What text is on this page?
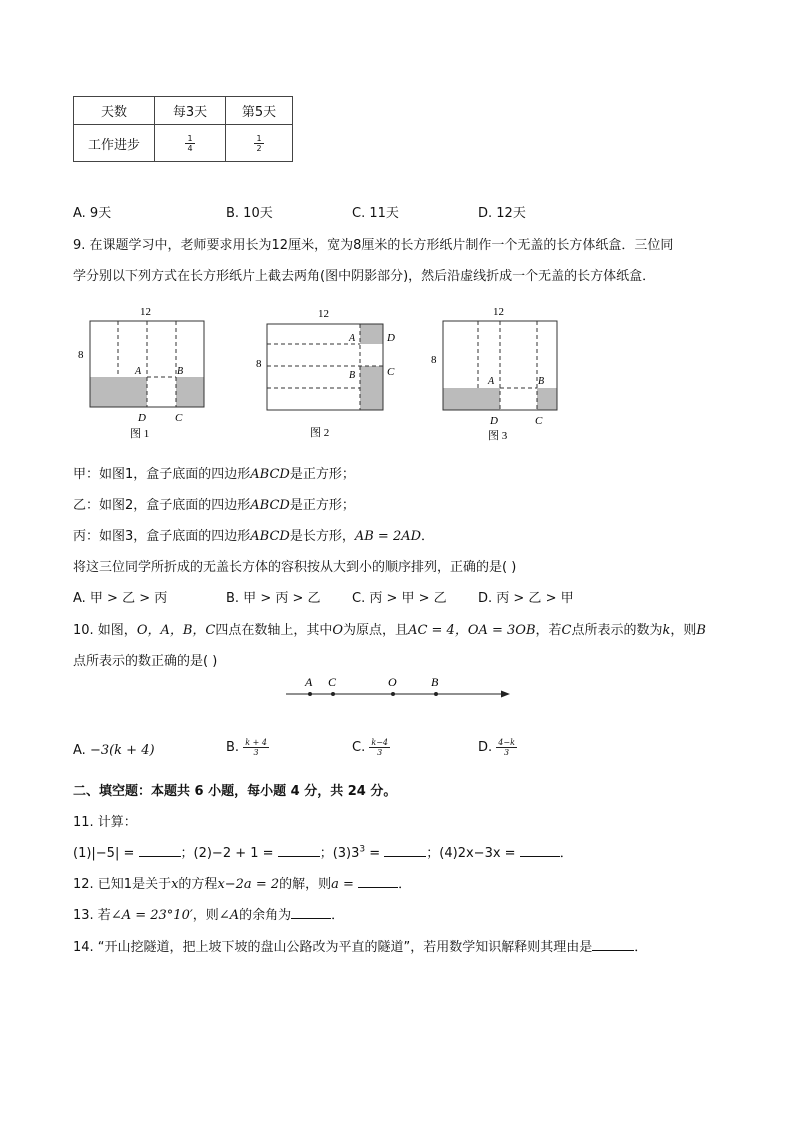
天数	每3天	第5天
工作进步	$\frac{1}{4}$	$\frac{1}{2}$
A. 9天	B. 10天	C. 11天	D. 12天
9. 在课题学习中，老师要求用长为12厘米，宽为8厘米的长方形纸片制作一个无盖的长方体纸盒．三位同
学分别以下列方式在长方形纸片上截去两角(图中阴影部分)，然后沿虚线折成一个无盖的长方体纸盒．
12
8
A	B
D	C
图 1
12
8
A	D
B	C
图 2
12
8
A	B
D	C
图 3
甲：如图1，盒子底面的四边形ABCD是正方形；
乙：如图2，盒子底面的四边形ABCD是正方形；
丙：如图3，盒子底面的四边形ABCD是长方形，AB = 2AD．
将这三位同学所折成的无盖长方体的容积按从大到小的顺序排列，正确的是( )
A. 甲 > 乙 > 丙	B. 甲 > 丙 > 乙 C. 丙 > 甲 > 乙 D. 丙 > 乙 > 甲
10. 如图，O，A，B，C四点在数轴上，其中O为原点，且AC = 4，OA = 3OB，若C点所表示的数为k，则B
点所表示的数正确的是( )
A C	O	B
A. −3(k + 4)	B. $\frac{k + 4}{3}$	C. $\frac{k-4}{3}$	D. $\frac{4-k}{3}$
二、填空题：本题共 6 小题，每小题 4 分，共 24 分。
11. 计算：
(1)|−5| =	；(2)−2 + 1 =	；$(3)3^3$ =	；(4)2x−3x =	．
12. 已知1是关于x的方程x−2a = 2的解，则a =	．
13. 若∠A = 23°10′，则∠A的余角为	．
14. “开山挖隧道，把上坡下坡的盘山公路改为平直的隧道”，若用数学知识解释则其理由是	．
